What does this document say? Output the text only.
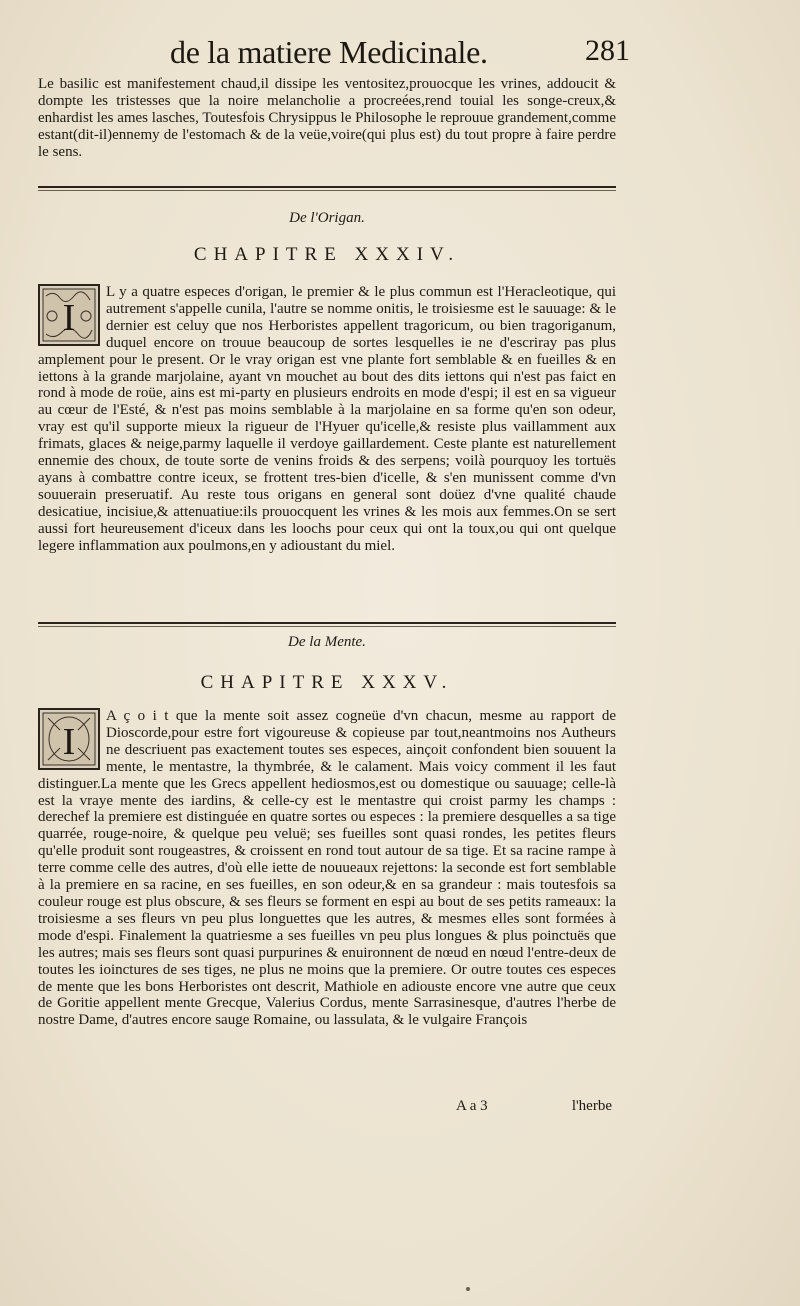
de la matiere Medicinale.	281
Le basilic est manifestement chaud,il dissipe les ventositez,prouocque les vrines, addoucit & dompte les tristesses que la noire melancholie a procreées,rend touial les songe-creux,& enhardist les ames lasches, Toutesfois Chrysippus le Philosophe le reprouue grandement,comme estant(dit-il)ennemy de l'estomach & de la veüe,voire(qui plus est) du tout propre à faire perdre le sens.
De l'Origan.
CHAPITRE XXXIV.
I
L y a quatre especes d'origan, le premier & le plus commun est l'Heracleotique, qui autrement s'appelle cunila, l'autre se nomme onitis, le troisiesme est le sauuage: & le dernier est celuy que nos Herboristes appellent tragoricum, ou bien tragoriganum, duquel encore on trouue beaucoup de sortes lesquelles ie ne d'escriray pas plus amplement pour le present. Or le vray origan est vne plante fort semblable & en fueilles & en iettons à la grande marjolaine, ayant vn mouchet au bout des dits iettons qui n'est pas faict en rond à mode de roüe, ains est mi-party en plusieurs endroits en mode d'espi; il est en sa vigueur au cœur de l'Esté, & n'est pas moins semblable à la marjolaine en sa forme qu'en son odeur, vray est qu'il supporte mieux la rigueur de l'Hyuer qu'icelle,& resiste plus vaillamment aux frimats, glaces & neige,parmy laquelle il verdoye gaillardement. Ceste plante est naturellement ennemie des choux, de toute sorte de venins froids & des serpens; voilà pourquoy les tortuës ayans à combattre contre iceux, se frottent tres-bien d'icelle, & s'en munissent comme d'vn souuerain preseruatif. Au reste tous origans en general sont doüez d'vne qualité chaude desicatiue, incisiue,& attenuatiue:ils prouocquent les vrines & les mois aux femmes.On se sert aussi fort heureusement d'iceux dans les loochs pour ceux qui ont la toux,ou qui ont quelque legere inflammation aux poulmons,en y adioustant du miel.
De la Mente.
CHAPITRE XXXV.
I
A ç o i t que la mente soit assez cogneüe d'vn chacun, mesme au rapport de Dioscorde,pour estre fort vigoureuse & copieuse par tout,neantmoins nos Autheurs ne descriuent pas exactement toutes ses especes, ainçoit confondent bien souuent la mente, le mentastre, la thymbrée, & le calament. Mais voicy comment il les faut distinguer.La mente que les Grecs appellent hediosmos,est ou domestique ou sauuage; celle-là est la vraye mente des iardins, & celle-cy est le mentastre qui croist parmy les champs : derechef la premiere est distinguée en quatre sortes ou especes : la premiere desquelles a sa tige quarrée, rouge-noire, & quelque peu veluë; ses fueilles sont quasi rondes, les petites fleurs qu'elle produit sont rougeastres, & croissent en rond tout autour de sa tige. Et sa racine rampe à terre comme celle des autres, d'où elle iette de nouueaux rejettons: la seconde est fort semblable à la premiere en sa racine, en ses fueilles, en son odeur,& en sa grandeur : mais toutesfois sa couleur rouge est plus obscure, & ses fleurs se forment en espi au bout de ses petits rameaux: la troisiesme a ses fleurs vn peu plus longuettes que les autres, & mesmes elles sont formées à mode d'espi. Finalement la quatriesme a ses fueilles vn peu plus longues & plus poinctuës que les autres; mais ses fleurs sont quasi purpurines & enuironnent de nœud en nœud l'entre-deux de toutes les ioinctures de ses tiges, ne plus ne moins que la premiere. Or outre toutes ces especes de mente que les bons Herboristes ont descrit, Mathiole en adiouste encore vne autre que ceux de Goritie appellent mente Grecque, Valerius Cordus, mente Sarrasinesque, d'autres l'herbe de nostre Dame, d'autres encore sauge Romaine, ou lassulata, & le vulgaire François
A a 3	l'herbe
